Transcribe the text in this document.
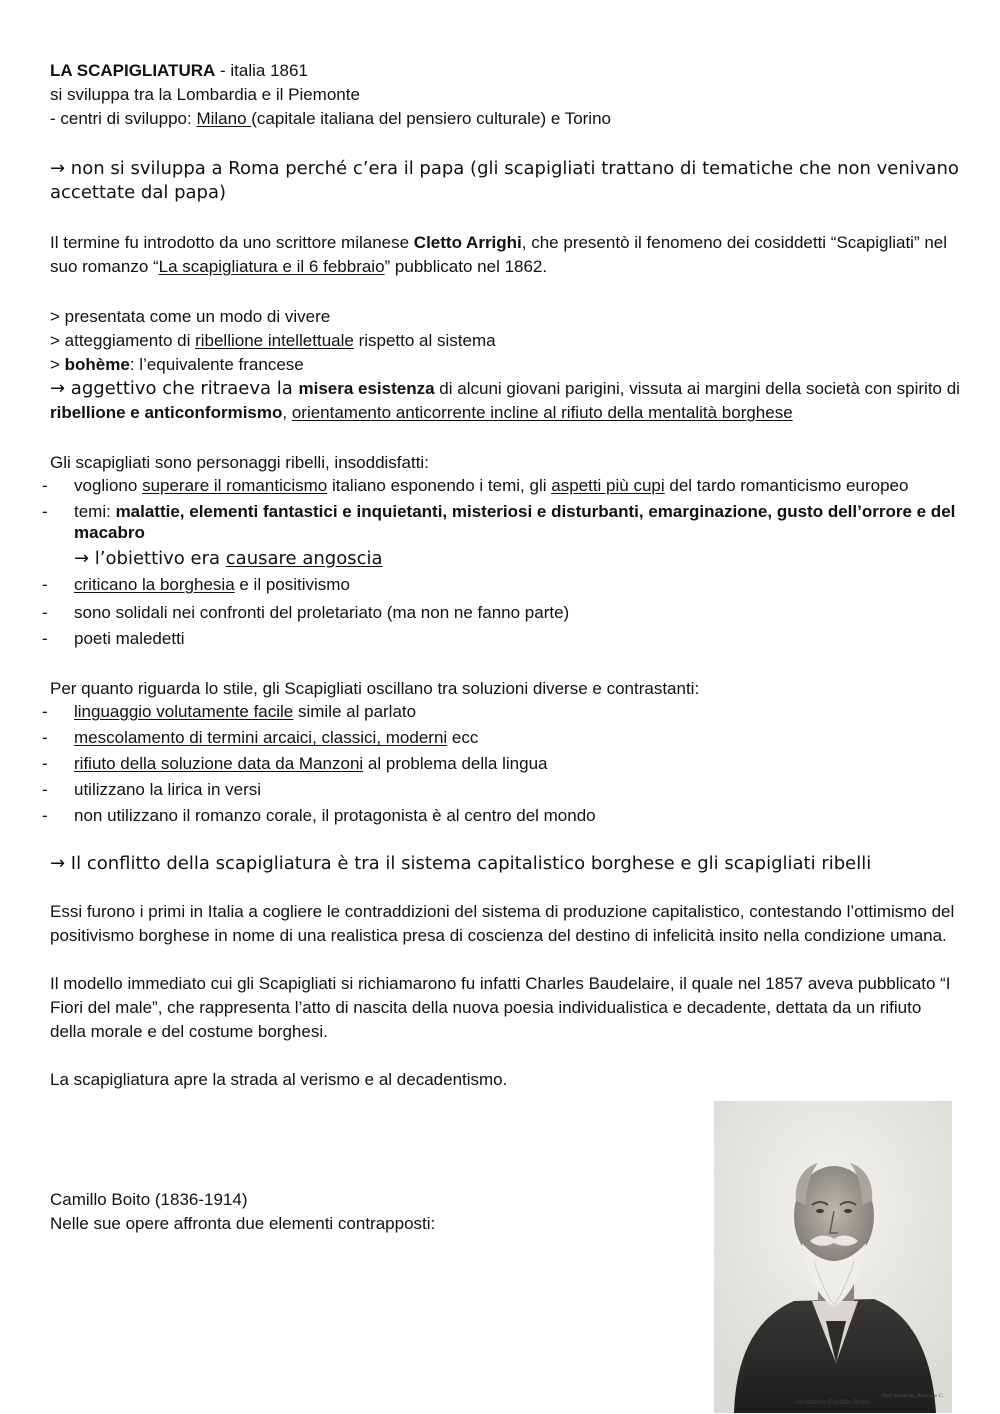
LA SCAPIGLIATURA - italia 1861

si sviluppa tra la Lombardia e il Piemonte

- centri di sviluppo: Milano (capitale italiana del pensiero culturale) e Torino

→ non si sviluppa a Roma perché c’era il papa (gli scapigliati trattano di tematiche che non venivano accettate dal papa)

Il termine fu introdotto da uno scrittore milanese Cletto Arrighi, che presentò il fenomeno dei cosiddetti “Scapigliati” nel suo romanzo “La scapigliatura e il 6 febbraio” pubblicato nel 1862.

> presentata come un modo di vivere

> atteggiamento di ribellione intellettuale rispetto al sistema

> bohème: l’equivalente francese

→ aggettivo che ritraeva la misera esistenza di alcuni giovani parigini, vissuta ai margini della società con spirito di ribellione e anticonformismo, orientamento anticorrente incline al rifiuto della mentalità borghese

Gli scapigliati sono personaggi ribelli, insoddisfatti:

- vogliono superare il romanticismo italiano esponendo i temi, gli aspetti più cupi del tardo romanticismo europeo
- temi: malattie, elementi fantastici e inquietanti, misteriosi e disturbanti, emarginazione, gusto dell’orrore e del macabro

→ l’obiettivo era causare angoscia

- criticano la borghesia e il positivismo
- sono solidali nei confronti del proletariato (ma non ne fanno parte)
- poeti maledetti

Per quanto riguarda lo stile, gli Scapigliati oscillano tra soluzioni diverse e contrastanti:

- linguaggio volutamente facile simile al parlato
- mescolamento di termini arcaici, classici, moderni ecc
- rifiuto della soluzione data da Manzoni al problema della lingua
- utilizzano la lirica in versi
- non utilizzano il romanzo corale, il protagonista è al centro del mondo

→ Il conflitto della scapigliatura è tra il sistema capitalistico borghese e gli scapigliati ribelli

Essi furono i primi in Italia a cogliere le contraddizioni del sistema di produzione capitalistico, contestando l’ottimismo del positivismo borghese in nome di una realistica presa di coscienza del destino di infelicità insito nella condizione umana.

Il modello immediato cui gli Scapigliati si richiamarono fu infatti Charles Baudelaire, il quale nel 1857 aveva pubblicato “I Fiori del male”, che rappresenta l’atto di nascita della nuova poesia individualistica e decadente, dettata da un rifiuto della morale e del costume borghesi.

La scapigliatura apre la strada al verismo e al decadentismo.

Camillo Boito (1836-1914)

Nelle sue opere affronta due elementi contrapposti:

Fot. Varischi, Artico e C.
Architetto Camillo Boito.
